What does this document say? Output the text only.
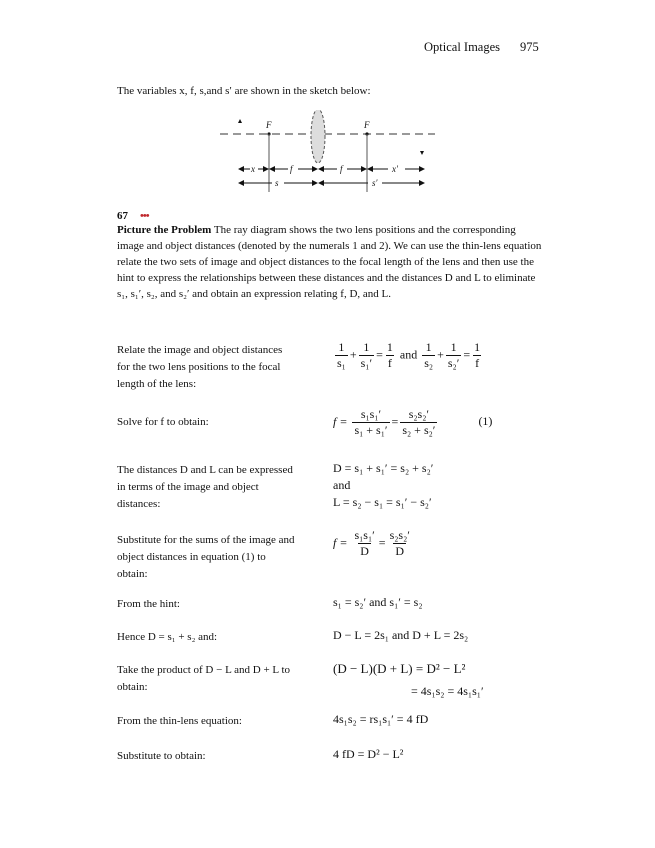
Optical Images 975
The variables x, f, s,and s′ are shown in the sketch below:
F	F
x	f	f	x′
s	s′
67 •••
Picture the Problem The ray diagram shows the two lens positions and the corresponding image and object distances (denoted by the numerals 1 and 2). We can use the thin-lens equation relate the two sets of image and object distances to the focal length of the lens and then use the hint to express the relationships between these distances and the distances D and L to eliminate s₁, s₁′, s₂, and s₂′ and obtain an expression relating f, D, and L.
Relate the image and object distances for the two lens positions to the focal length of the lens:
$\frac{1}{\text{s₁}} + \frac{1}{\text{s₁′}} = \frac{1}{f}$ and $\frac{1}{\text{s₂}} + \frac{1}{\text{s₂′}} = \frac{1}{f}$
Solve for f to obtain:	$f = \frac{\text{s₁s₁′}}{\text{s₁ + s₁′}} = \frac{\text{s₂s₂′}}{\text{s₂ + s₂′}}$	(1)
The distances D and L can be expressed in terms of the image and object distances:
D = s₁ + s₁′ = s₂ + s₂′
and
L = s₂ − s₁ = s₁′ − s₂′
Substitute for the sums of the image and object distances in equation (1) to obtain:
$f = \frac{\text{s₁s₁′}}{D} = \frac{\text{s₂s₂′}}{D}$
From the hint:	s₁ = s₂′ and s₁′ = s₂
Hence D = s₁ + s₂ and:	D − L = 2s₁ and D + L = 2s₂
Take the product of D − L and D + L to obtain:
(D − L)(D + L) = D² − L²
= 4s₁s₂ = 4s₁s₁′
From the thin-lens equation:	4s₁s₂ = rs₁s₁′ = 4 fD
Substitute to obtain:	4 fD = D² − L²
